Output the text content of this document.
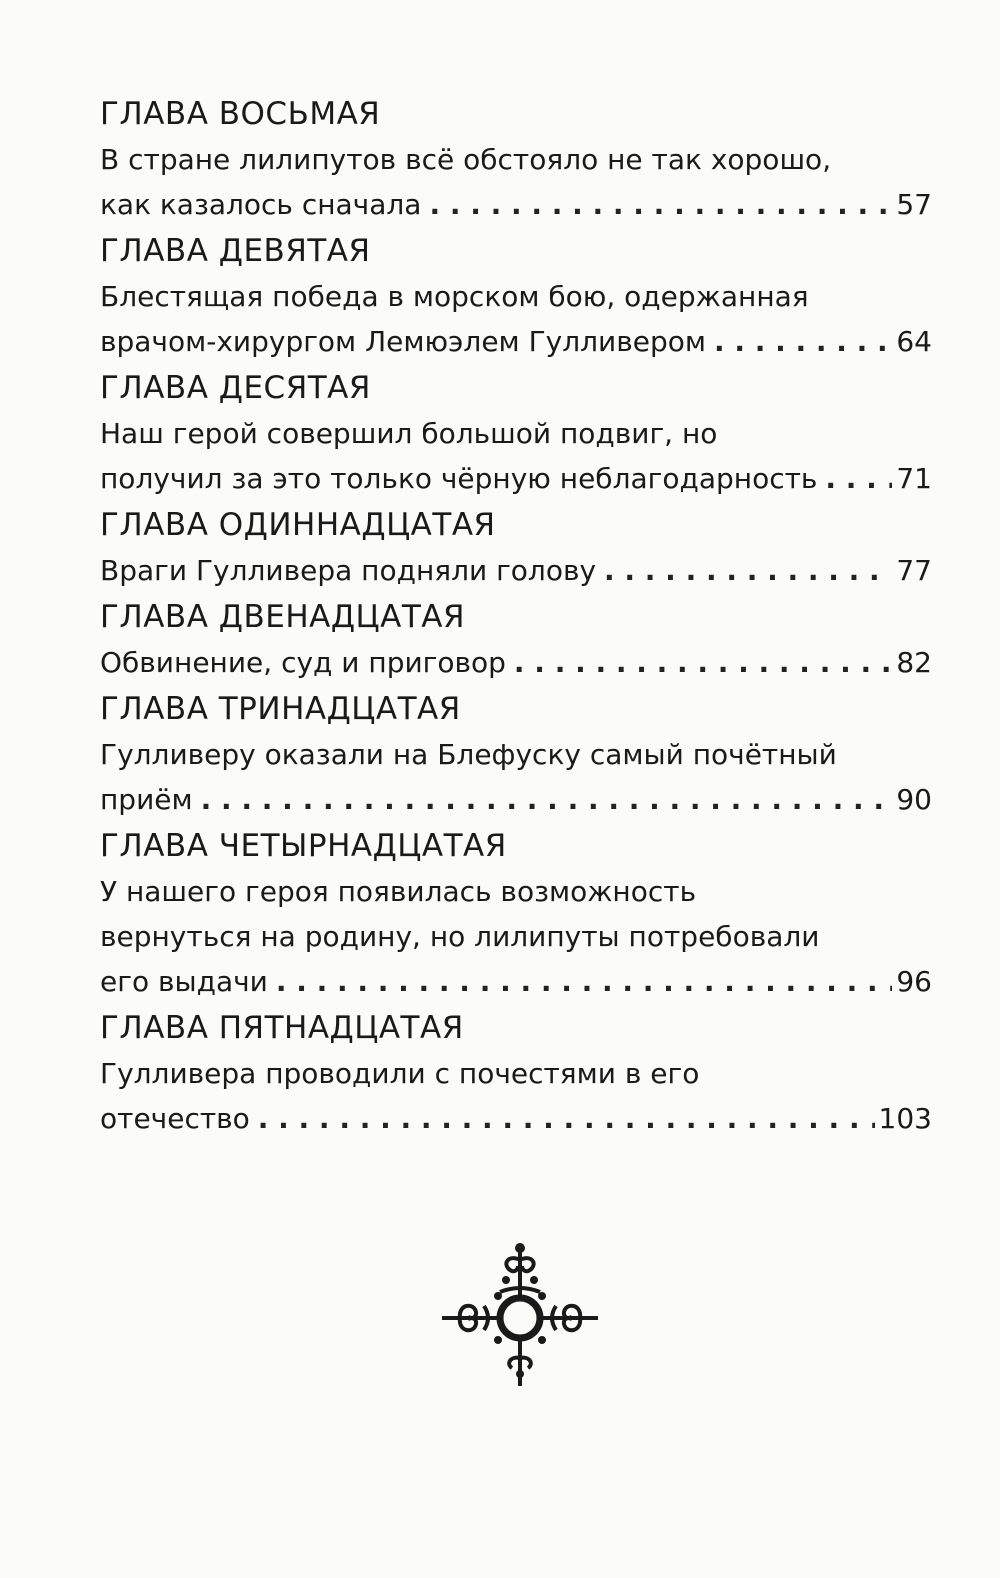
ГЛАВА ВОСЬМАЯ
В стране лилипутов всё обстояло не так хорошо,
как казалось сначала . . .	57
ГЛАВА ДЕВЯТАЯ
Блестящая победа в морском бою, одержанная
врачом-хирургом Лемюэлем Гулливером . . .	64
ГЛАВА ДЕСЯТАЯ
Наш герой совершил большой подвиг, но
получил за это только чёрную неблагодарность . . .	71
ГЛАВА ОДИННАДЦАТАЯ
Враги Гулливера подняли голову . . .	77
ГЛАВА ДВЕНАДЦАТАЯ
Обвинение, суд и приговор . . .	82
ГЛАВА ТРИНАДЦАТАЯ
Гулливеру оказали на Блефуску самый почётный
приём . . .	90
ГЛАВА ЧЕТЫРНАДЦАТАЯ
У нашего героя появилась возможность
вернуться на родину, но лилипуты потребовали
его выдачи . . .	96
ГЛАВА ПЯТНАДЦАТАЯ
Гулливера проводили с почестями в его
отечество . . .	103
